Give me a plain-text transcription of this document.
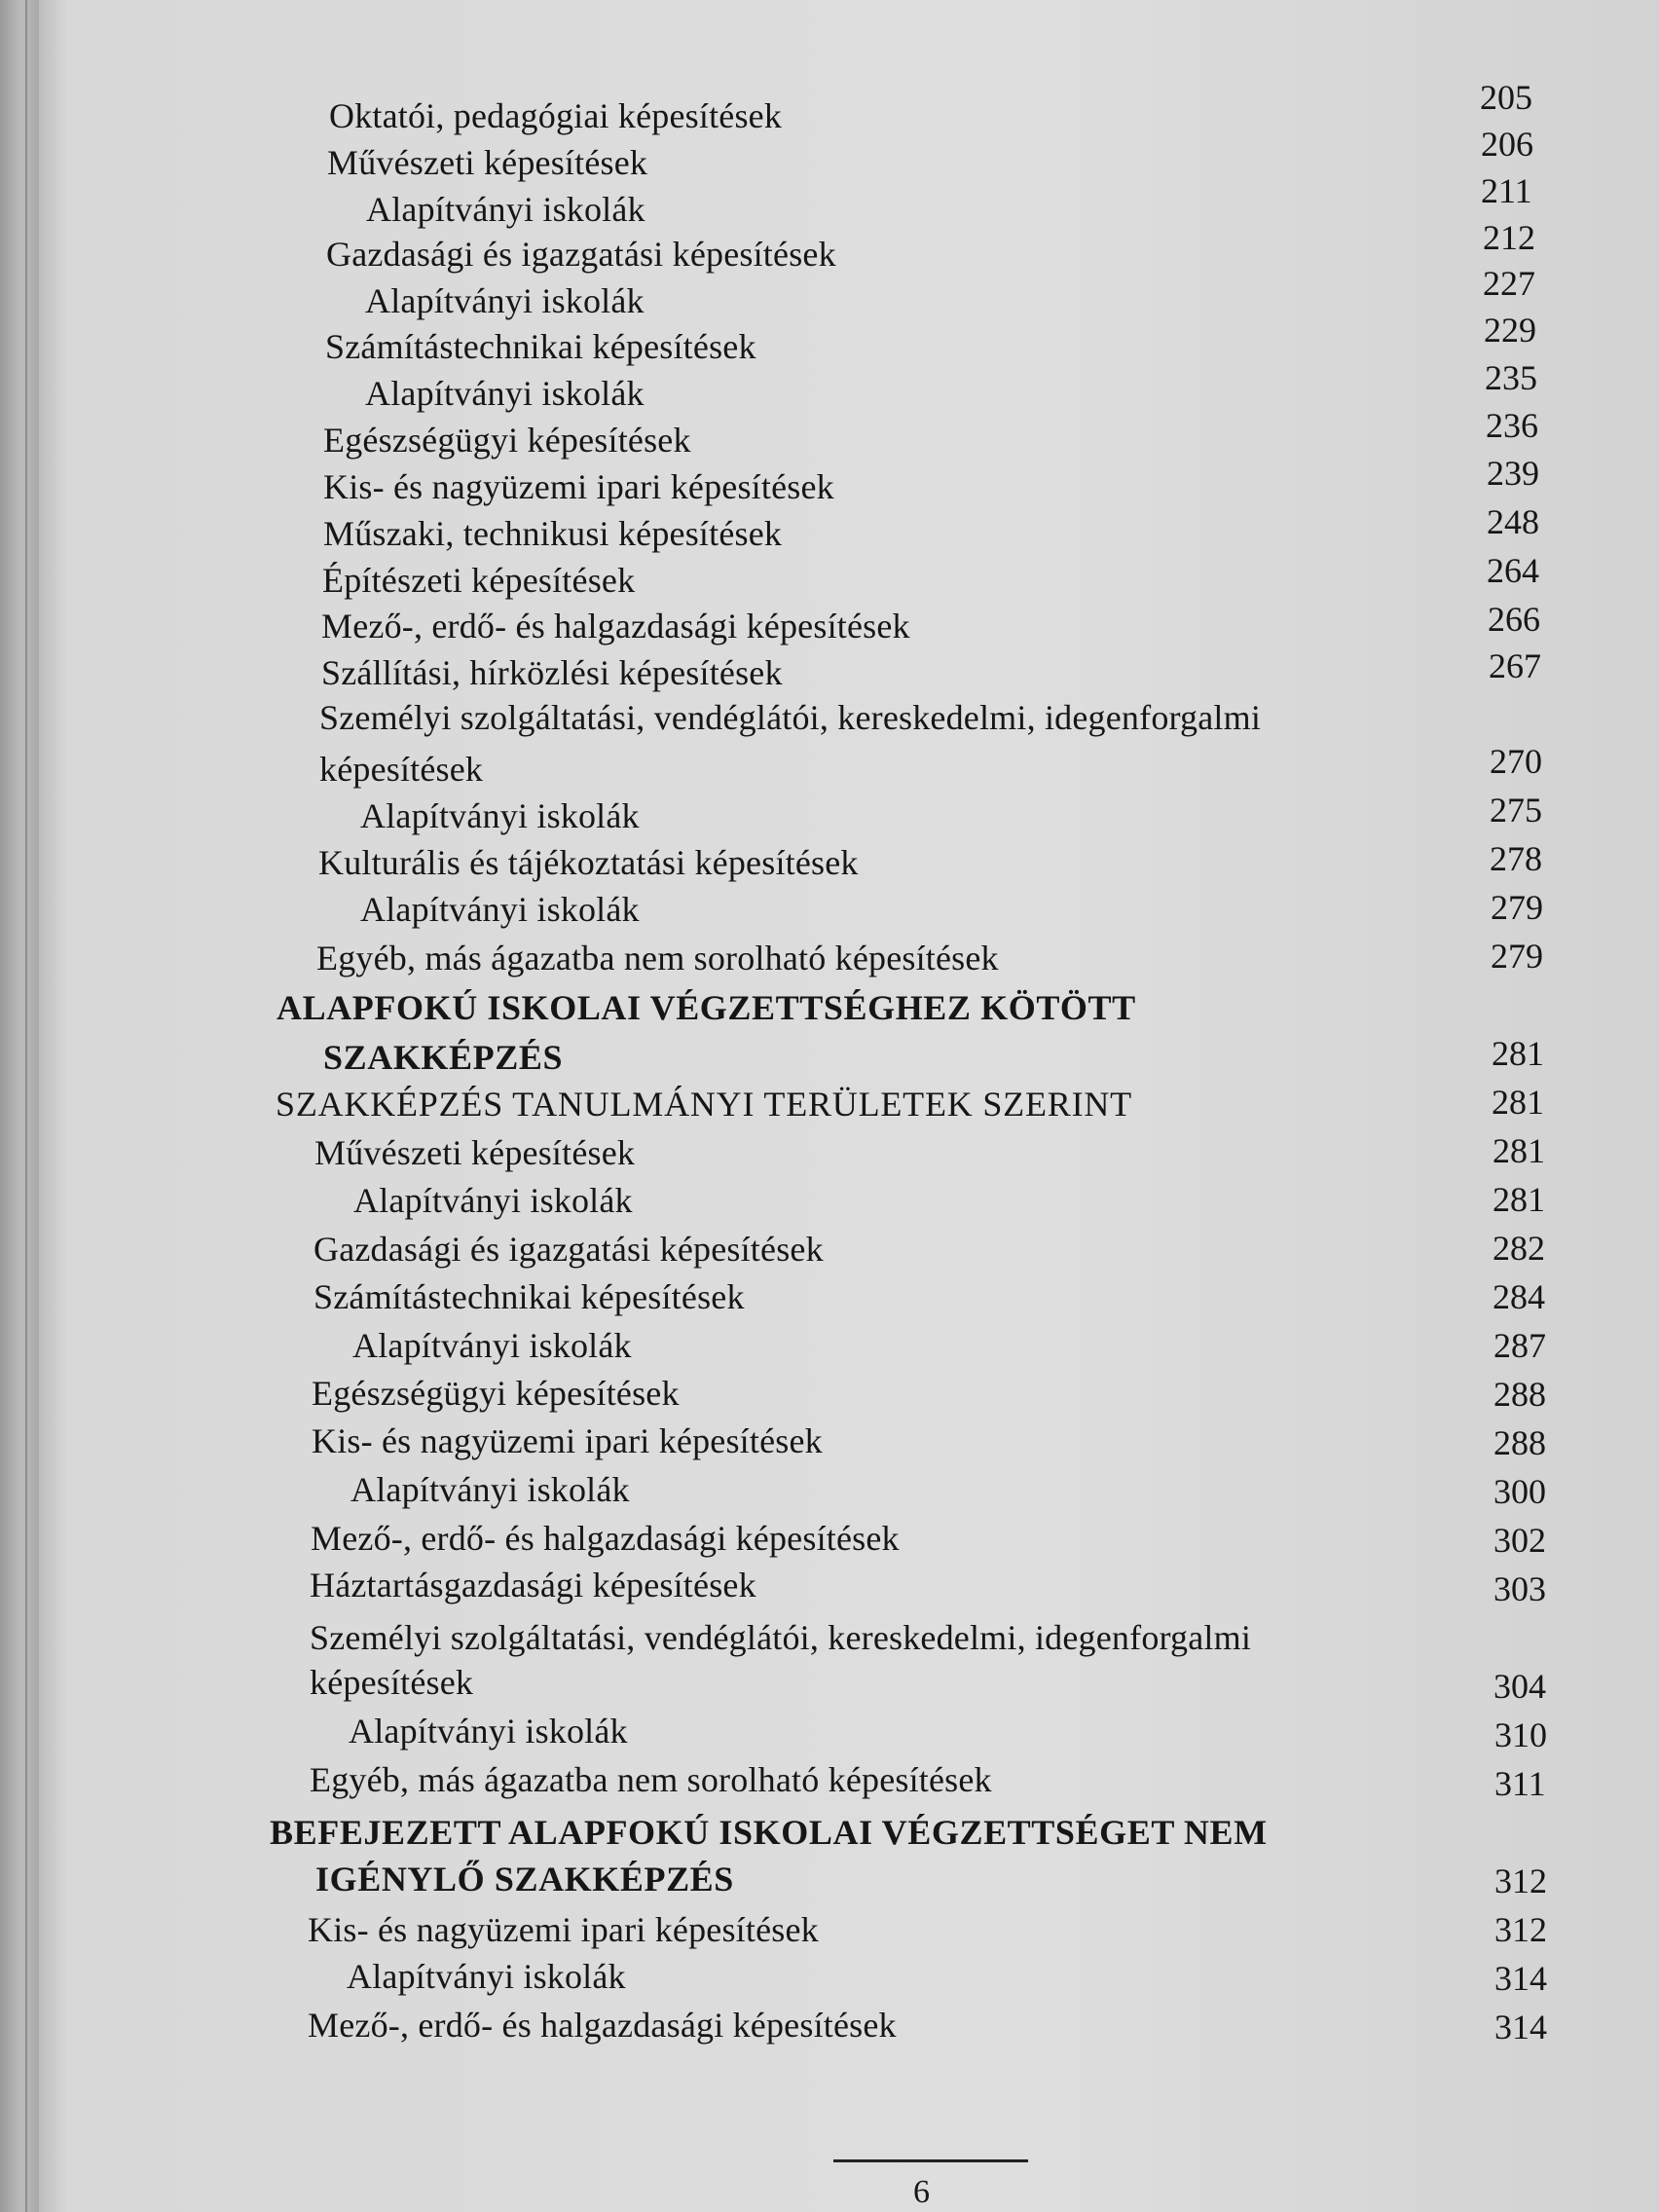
Oktatói, pedagógiai képesítések	205
Művészeti képesítések	206
Alapítványi iskolák	211
Gazdasági és igazgatási képesítések	212
Alapítványi iskolák	227
Számítástechnikai képesítések	229
Alapítványi iskolák	235
Egészségügyi képesítések	236
Kis- és nagyüzemi ipari képesítések	239
Műszaki, technikusi képesítések	248
Építészeti képesítések	264
Mező-, erdő- és halgazdasági képesítések	266
Szállítási, hírközlési képesítések	267
Személyi szolgáltatási, vendéglátói, kereskedelmi, idegenforgalmi
képesítések	270
Alapítványi iskolák	275
Kulturális és tájékoztatási képesítések	278
Alapítványi iskolák	279
Egyéb, más ágazatba nem sorolható képesítések	279
ALAPFOKÚ ISKOLAI VÉGZETTSÉGHEZ KÖTÖTT
SZAKKÉPZÉS	281
SZAKKÉPZÉS TANULMÁNYI TERÜLETEK SZERINT	281
Művészeti képesítések	281
Alapítványi iskolák	281
Gazdasági és igazgatási képesítések	282
Számítástechnikai képesítések	284
Alapítványi iskolák	287
Egészségügyi képesítések	288
Kis- és nagyüzemi ipari képesítések	288
Alapítványi iskolák	300
Mező-, erdő- és halgazdasági képesítések	302
Háztartásgazdasági képesítések	303
Személyi szolgáltatási, vendéglátói, kereskedelmi, idegenforgalmi
képesítések	304
Alapítványi iskolák	310
Egyéb, más ágazatba nem sorolható képesítések	311
BEFEJEZETT ALAPFOKÚ ISKOLAI VÉGZETTSÉGET NEM
IGÉNYLŐ SZAKKÉPZÉS	312
Kis- és nagyüzemi ipari képesítések	312
Alapítványi iskolák	314
Mező-, erdő- és halgazdasági képesítések	314
6
